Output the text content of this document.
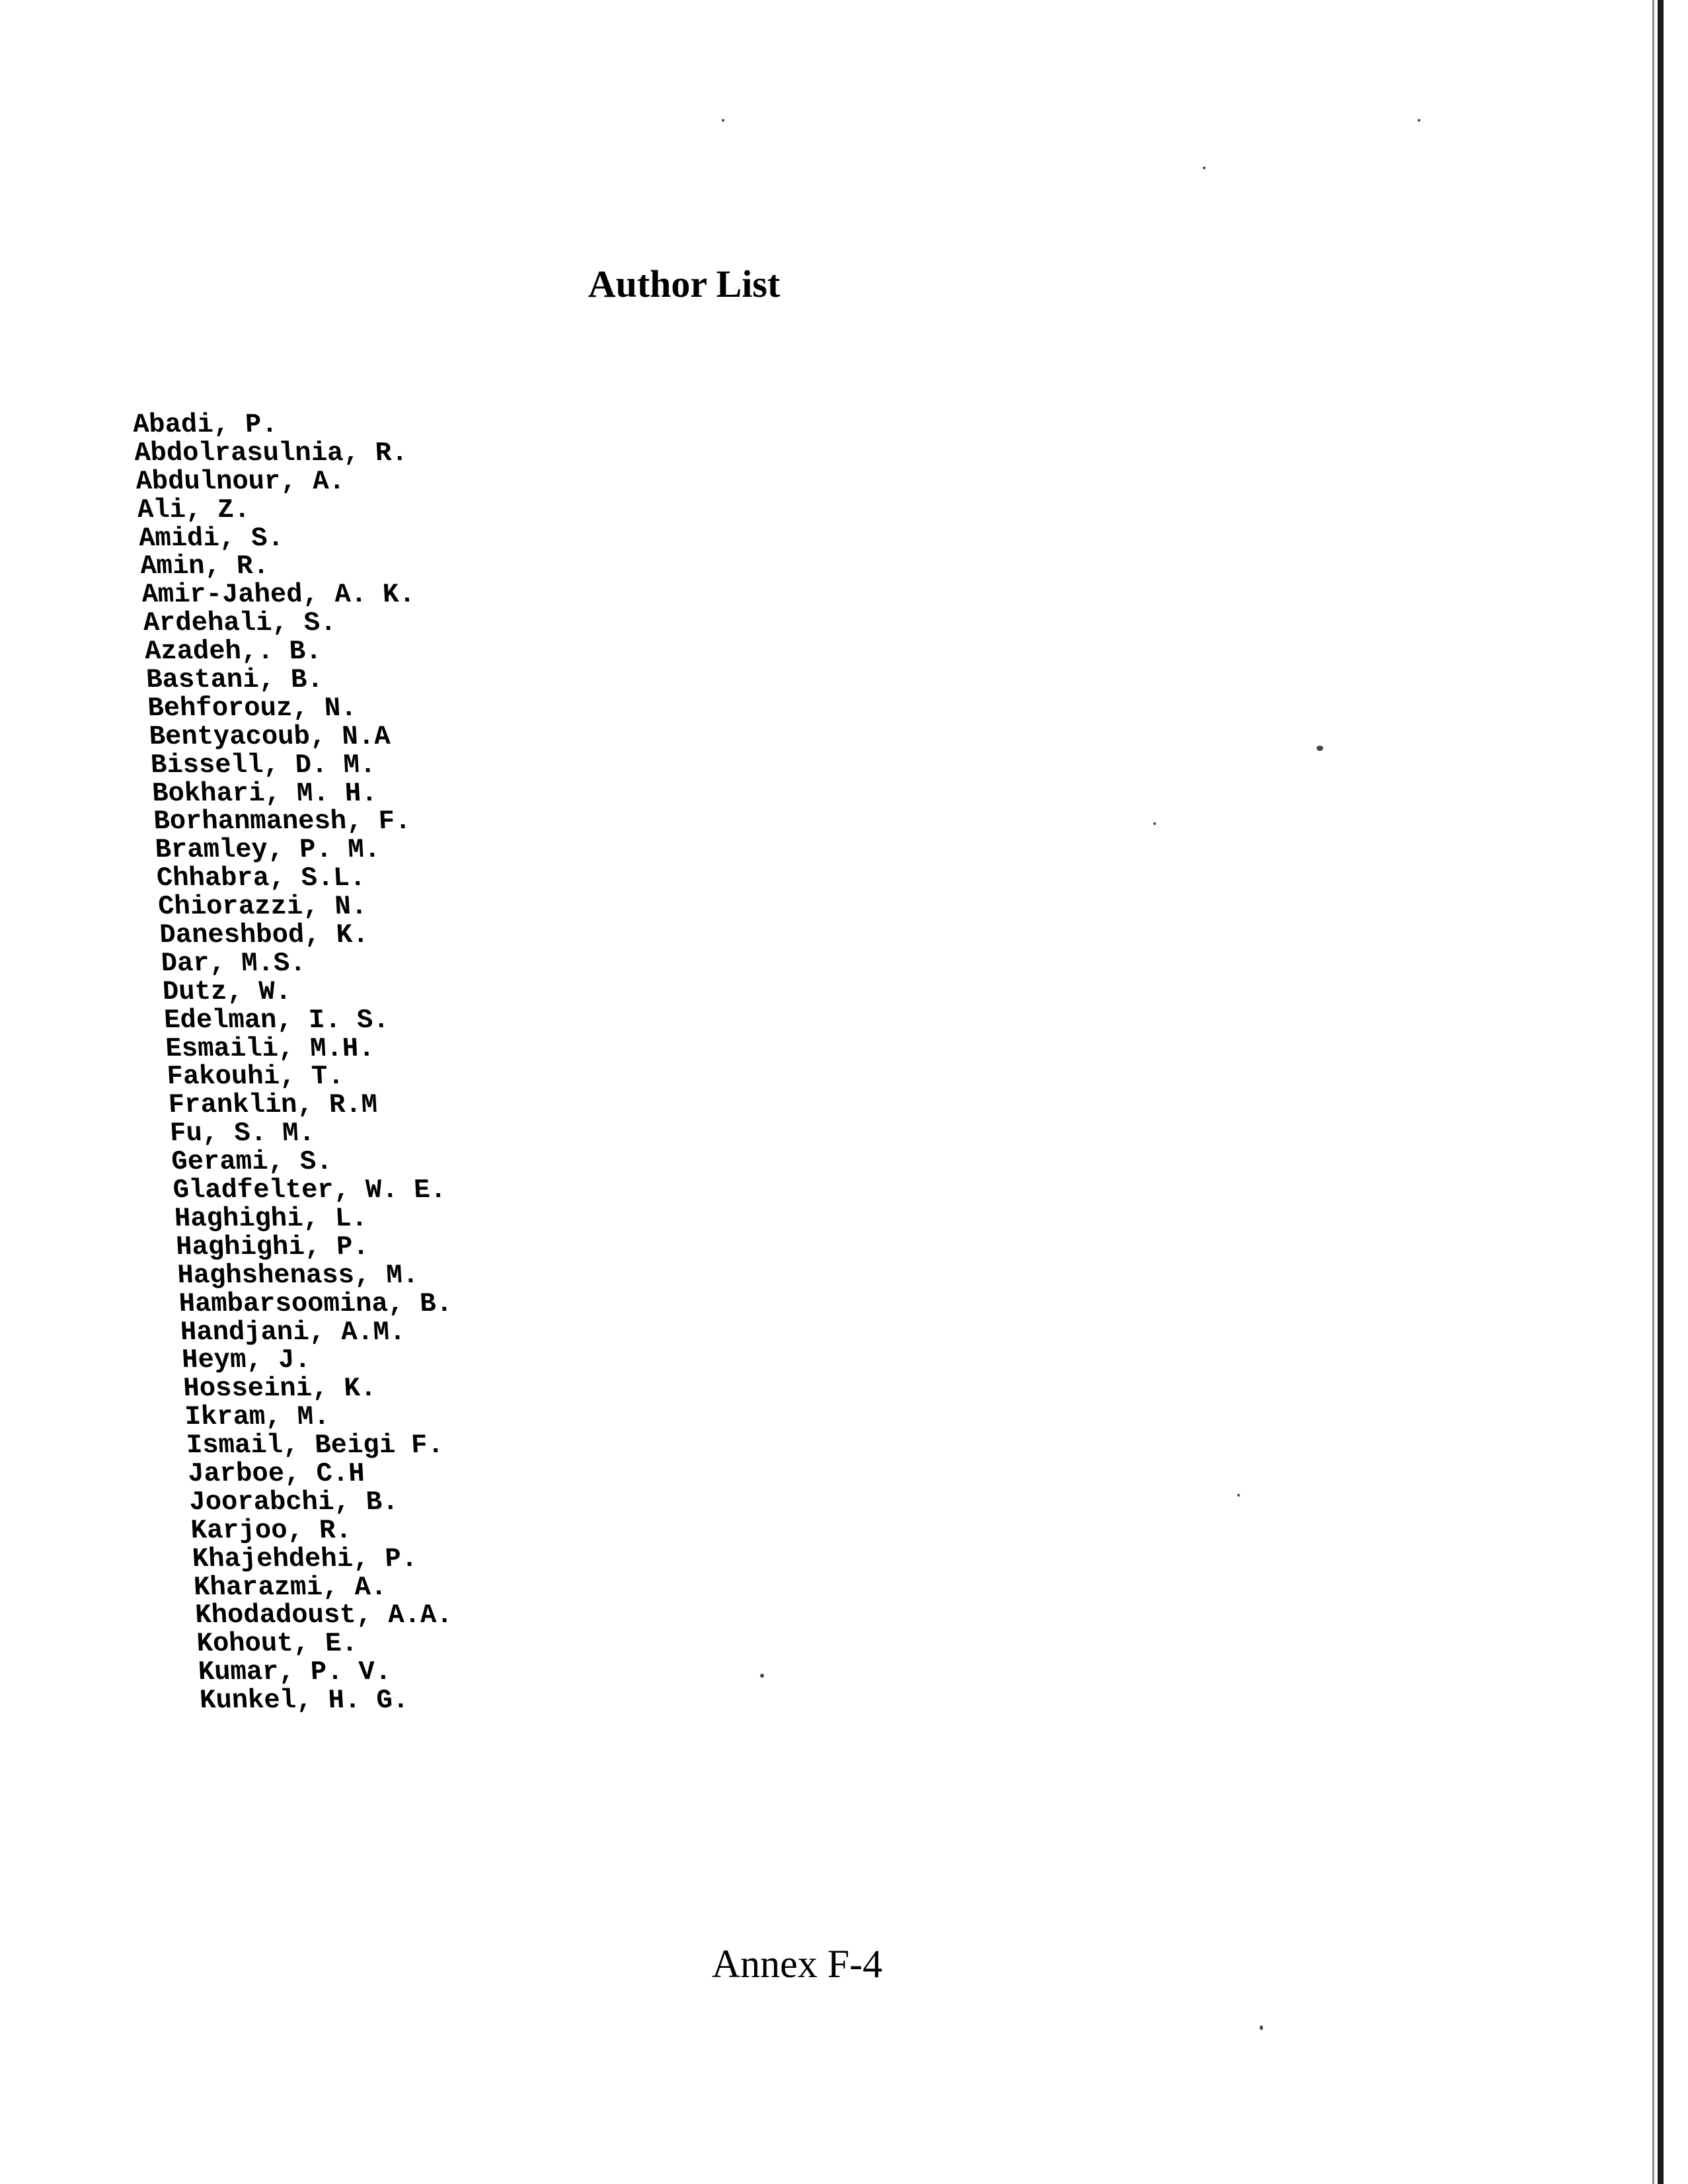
Author List
Abadi, P.
Abdolrasulnia, R.
Abdulnour, A.
Ali, Z.
Amidi, S.
Amin, R.
Amir-Jahed, A. K.
Ardehali, S.
Azadeh,. B.
Bastani, B.
Behforouz, N.
Bentyacoub, N.A
Bissell, D. M.
Bokhari, M. H.
Borhanmanesh, F.
Bramley, P. M.
Chhabra, S.L.
Chiorazzi, N.
Daneshbod, K.
Dar, M.S.
Dutz, W.
Edelman, I. S.
Esmaili, M.H.
Fakouhi, T.
Franklin, R.M
Fu, S. M.
Gerami, S.
Gladfelter, W. E.
Haghighi, L.
Haghighi, P.
Haghshenass, M.
Hambarsoomina, B.
Handjani, A.M.
Heym, J.
Hosseini, K.
Ikram, M.
Ismail, Beigi F.
Jarboe, C.H
Joorabchi, B.
Karjoo, R.
Khajehdehi, P.
Kharazmi, A.
Khodadoust, A.A.
Kohout, E.
Kumar, P. V.
Kunkel, H. G.
Annex F-4
